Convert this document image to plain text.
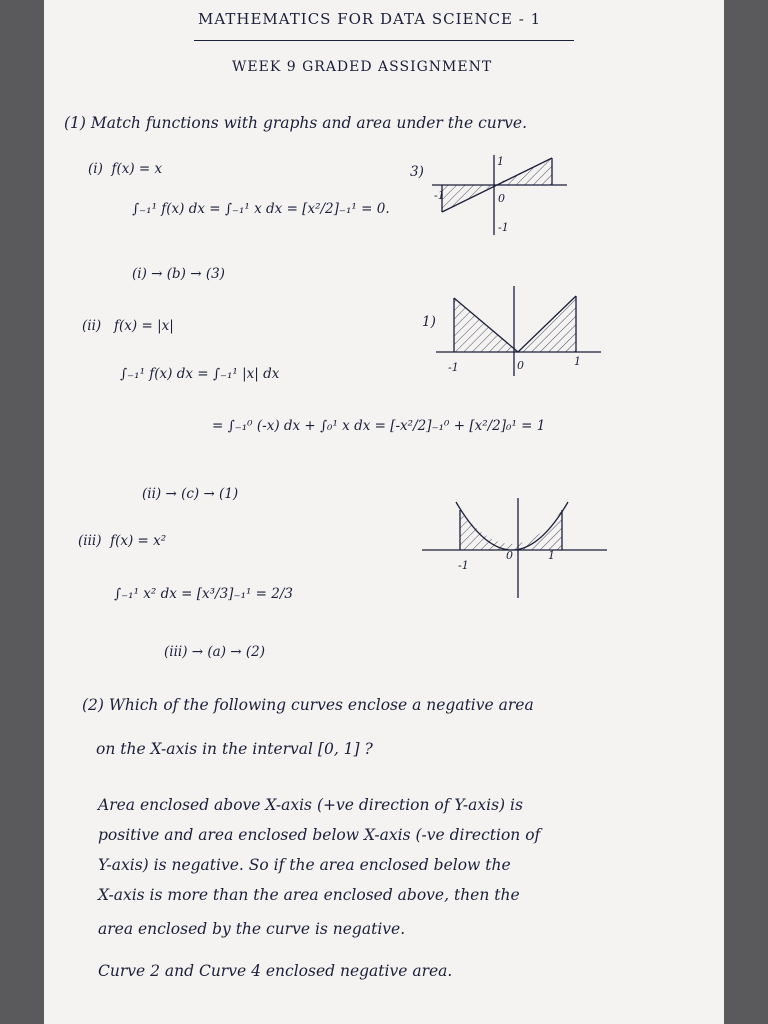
MATHEMATICS FOR DATA SCIENCE - 1
WEEK 9 GRADED ASSIGNMENT
(1) Match functions with graphs and area under the curve.
(i) f(x) = x
∫₋₁¹ f(x) dx = ∫₋₁¹ x dx = [x²/2]₋₁¹ = 0.
(i) → (b) → (3)
3)
1
-1	0
-1
(ii) f(x) = |x|
∫₋₁¹ f(x) dx = ∫₋₁¹ |x| dx
= ∫₋₁⁰ (-x) dx + ∫₀¹ x dx = [-x²/2]₋₁⁰ + [x²/2]₀¹ = 1
(ii) → (c) → (1)
1)
-1	0	1
(iii) f(x) = x²
∫₋₁¹ x² dx = [x³/3]₋₁¹ = 2/3
(iii) → (a) → (2)
-1
0	1
(2) Which of the following curves enclose a negative area
on the X-axis in the interval [0, 1] ?
Area enclosed above X-axis (+ve direction of Y-axis) is
positive and area enclosed below X-axis (-ve direction of
Y-axis) is negative. So if the area enclosed below the
X-axis is more than the area enclosed above, then the
area enclosed by the curve is negative.
Curve 2 and Curve 4 enclosed negative area.
